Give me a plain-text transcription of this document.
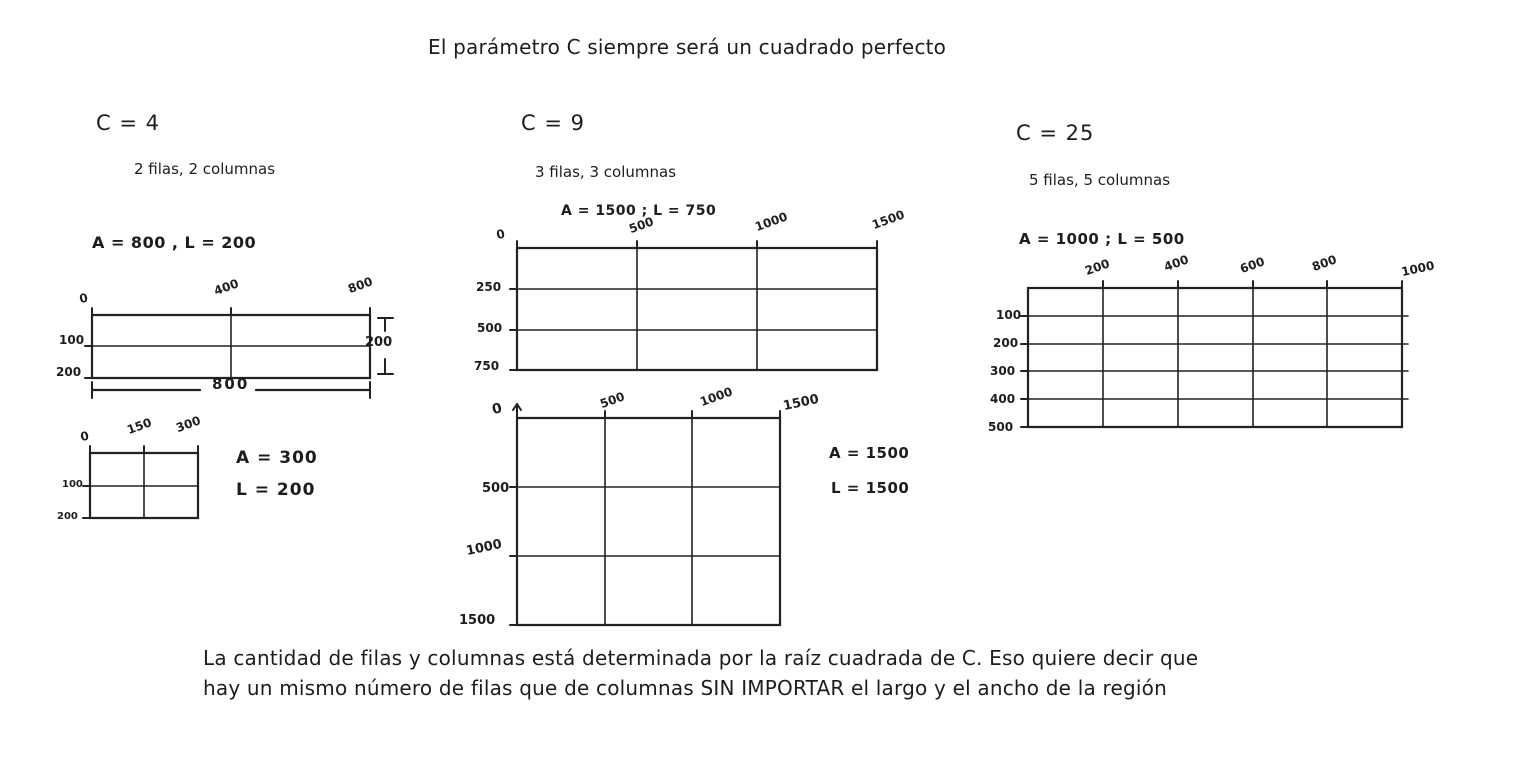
El parámetro C siempre será un cuadrado perfecto
C = 4
2 filas, 2 columnas
A = 800 , L = 200
0
400	800
100
200
200
800
0	150 300
100
200
A = 300
L = 200
C = 9
3 filas, 3 columnas
A = 1500 ; L = 750
0	500	1000	1500
250
500
750
0	500	1000	1500
500
1000
1500
A = 1500
L = 1500
C = 25
5 filas, 5 columnas
A = 1000 ; L = 500
200	400	600	800	1000
100
200
300
400
500
La cantidad de filas y columnas está determinada por la raíz cuadrada de C. Eso quiere decir que
hay un mismo número de filas que de columnas SIN IMPORTAR el largo y el ancho de la región
